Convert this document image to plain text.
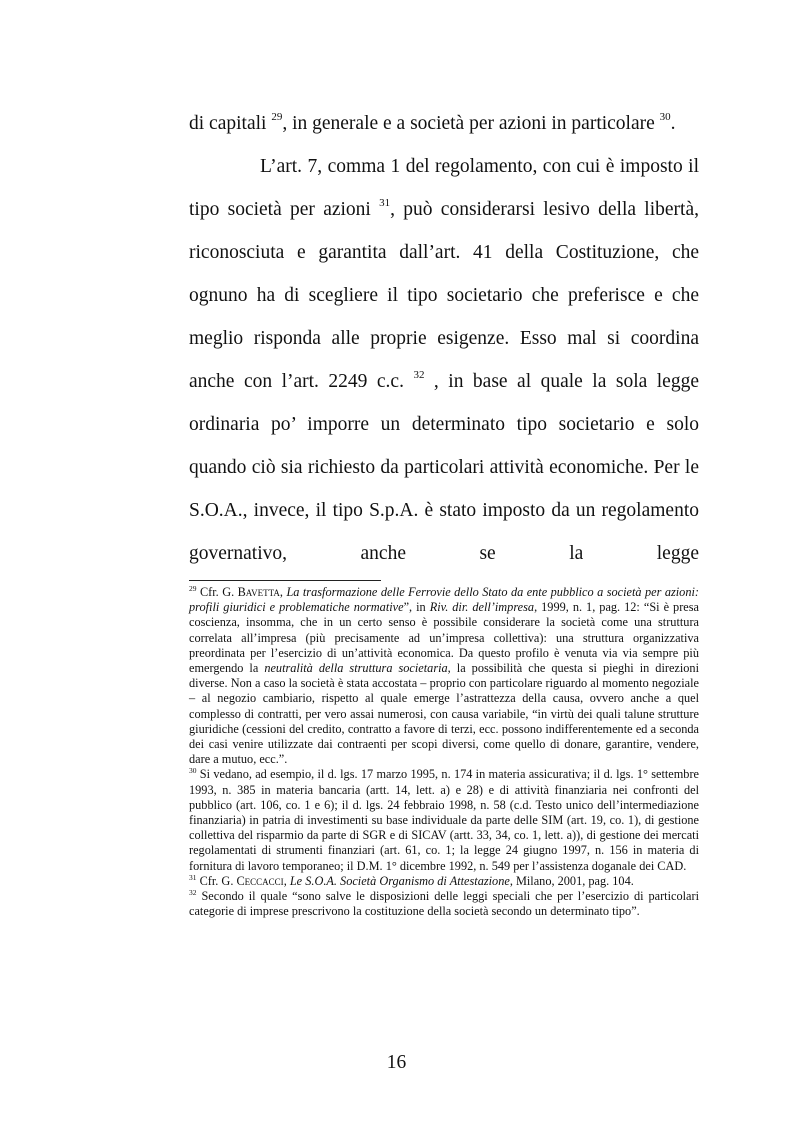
di capitali $^{29}$, in generale e a società per azioni in particolare $^{30}$.

L’art. 7, comma 1 del regolamento, con cui è imposto il tipo società per azioni $^{31}$, può considerarsi lesivo della libertà, riconosciuta e garantita dall’art. 41 della Costituzione, che ognuno ha di scegliere il tipo societario che preferisce e che meglio risponda alle proprie esigenze. Esso mal si coordina anche con l’art. 2249 c.c. $^{32}$ , in base al quale la sola legge ordinaria po’ imporre un determinato tipo societario e solo quando ciò sia richiesto da particolari attività economiche. Per le S.O.A., invece, il tipo S.p.A. è stato imposto da un regolamento governativo, anche se la legge

$^{29}$ Cfr. G. Bavetta, La trasformazione delle Ferrovie dello Stato da ente pubblico a società per azioni: profili giuridici e problematiche normative”, in Riv. dir. dell’impresa, 1999, n. 1, pag. 12: “Si è presa coscienza, insomma, che in un certo senso è possibile considerare la società come una struttura correlata all’impresa (più precisamente ad un’impresa collettiva): una struttura organizzativa preordinata per l’esercizio di un’attività economica. Da questo profilo è venuta via via sempre più emergendo la neutralità della struttura societaria, la possibilità che questa si pieghi in direzioni diverse. Non a caso la società è stata accostata – proprio con particolare riguardo al momento negoziale – al negozio cambiario, rispetto al quale emerge l’astrattezza della causa, ovvero anche a quel complesso di contratti, per vero assai numerosi, con causa variabile, “in virtù dei quali talune strutture giuridiche (cessioni del credito, contratto a favore di terzi, ecc. possono indifferentemente ed a seconda dei casi venire utilizzate dai contraenti per scopi diversi, come quello di donare, garantire, vendere, dare a mutuo, ecc.”.

$^{30}$ Si vedano, ad esempio, il d. lgs. 17 marzo 1995, n. 174 in materia assicurativa; il d. lgs. 1° settembre 1993, n. 385 in materia bancaria (artt. 14, lett. a) e 28) e di attività finanziaria nei confronti del pubblico (art. 106, co. 1 e 6); il d. lgs. 24 febbraio 1998, n. 58 (c.d. Testo unico dell’intermediazione finanziaria) in patria di investimenti su base individuale da parte delle SIM (art. 19, co. 1), di gestione collettiva del risparmio da parte di SGR e di SICAV (artt. 33, 34, co. 1, lett. a)), di gestione dei mercati regolamentati di strumenti finanziari (art. 61, co. 1; la legge 24 giugno 1997, n. 156 in materia di fornitura di lavoro temporaneo; il D.M. 1° dicembre 1992, n. 549 per l’assistenza doganale dei CAD.

$^{31}$ Cfr. G. Ceccacci, Le S.O.A. Società Organismo di Attestazione, Milano, 2001, pag. 104.

$^{32}$ Secondo il quale “sono salve le disposizioni delle leggi speciali che per l’esercizio di particolari categorie di imprese prescrivono la costituzione della società secondo un determinato tipo”.

16
